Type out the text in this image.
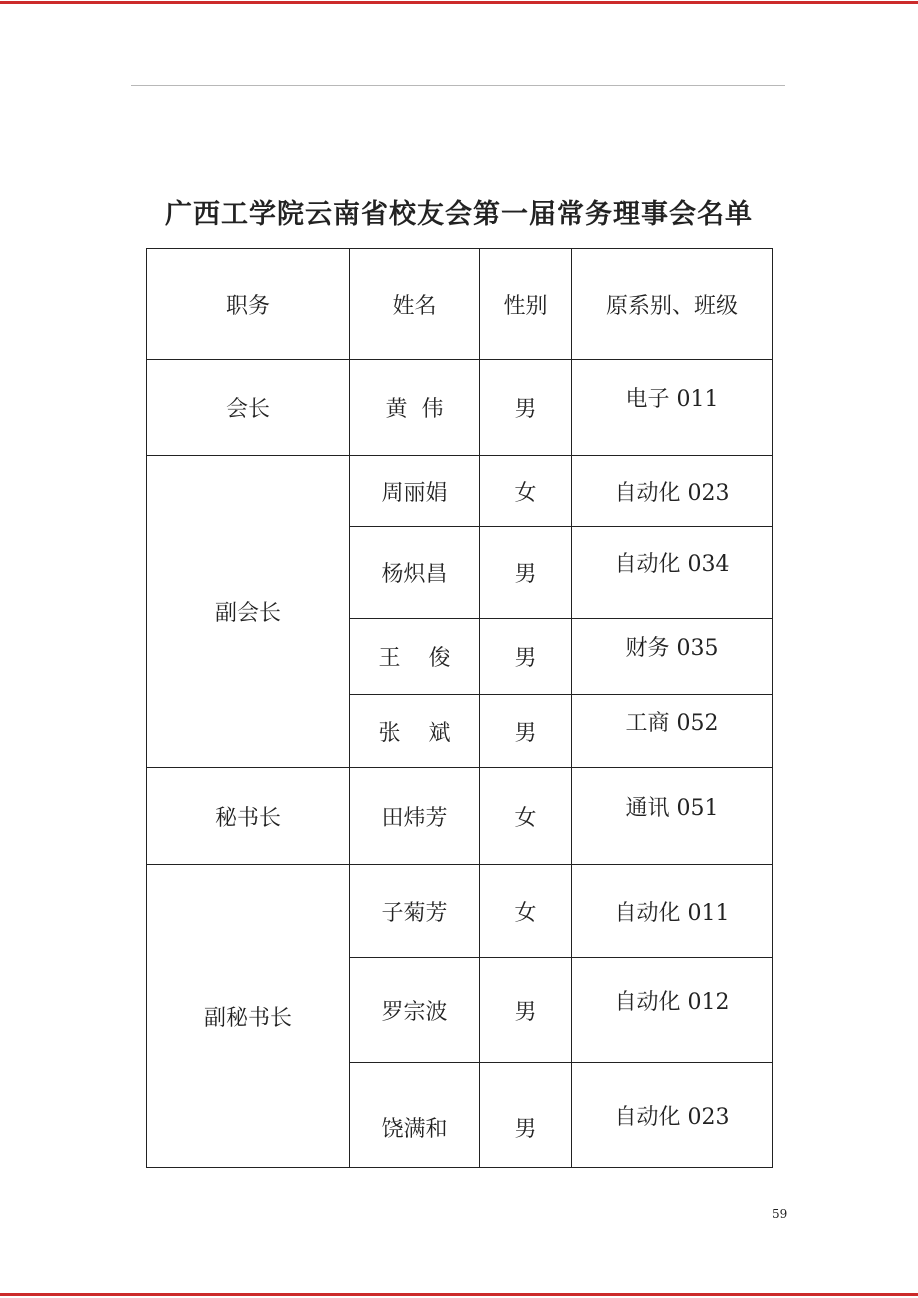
广西工学院云南省校友会第一届常务理事会名单
职务	姓名	性别	原系别、班级
会长	黄  伟	男	电子 011
副会长	周丽娟	女	自动化 023
	杨炽昌	男	自动化 034
	王    俊	男	财务 035
	张    斌	男	工商 052
秘书长	田炜芳	女	通讯 051
副秘书长	子菊芳	女	自动化 011
	罗宗波	男	自动化 012
	饶满和	男	自动化 023
59
